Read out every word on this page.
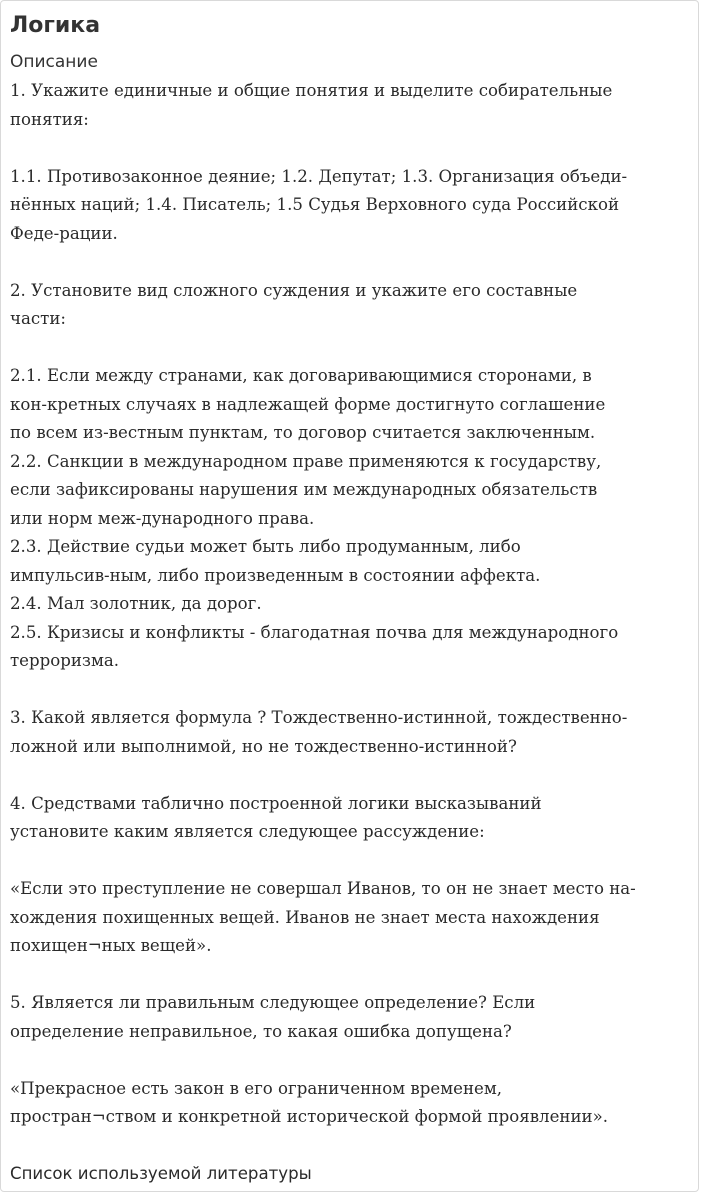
Логика
Описание
1. Укажите единичные и общие понятия и выделите собирательные
понятия:
1.1. Противозаконное деяние; 1.2. Депутат; 1.3. Организация объеди-
нённых наций; 1.4. Писатель; 1.5 Судья Верховного суда Российской
Феде-рации.
2. Установите вид сложного суждения и укажите его составные
части:
2.1. Если между странами, как договаривающимися сторонами, в
кон-кретных случаях в надлежащей форме достигнуто соглашение
по всем из-вестным пунктам, то договор считается заключенным.
2.2. Санкции в международном праве применяются к государству,
если зафиксированы нарушения им международных обязательств
или норм меж-дународного права.
2.3. Действие судьи может быть либо продуманным, либо
импульсив-ным, либо произведенным в состоянии аффекта.
2.4. Мал золотник, да дорог.
2.5. Кризисы и конфликты - благодатная почва для международного
терроризма.
3. Какой является формула ? Тождественно-истинной, тождественно-
ложной или выполнимой, но не тождественно-истинной?
4. Средствами таблично построенной логики высказываний
установите каким является следующее рассуждение:
«Если это преступление не совершал Иванов, то он не знает место на-
хождения похищенных вещей. Иванов не знает места нахождения
похищен¬ных вещей».
5. Является ли правильным следующее определение? Если
определение неправильное, то какая ошибка допущена?
«Прекрасное есть закон в его ограниченном временем,
простран¬ством и конкретной исторической формой проявлении».
Список используемой литературы
